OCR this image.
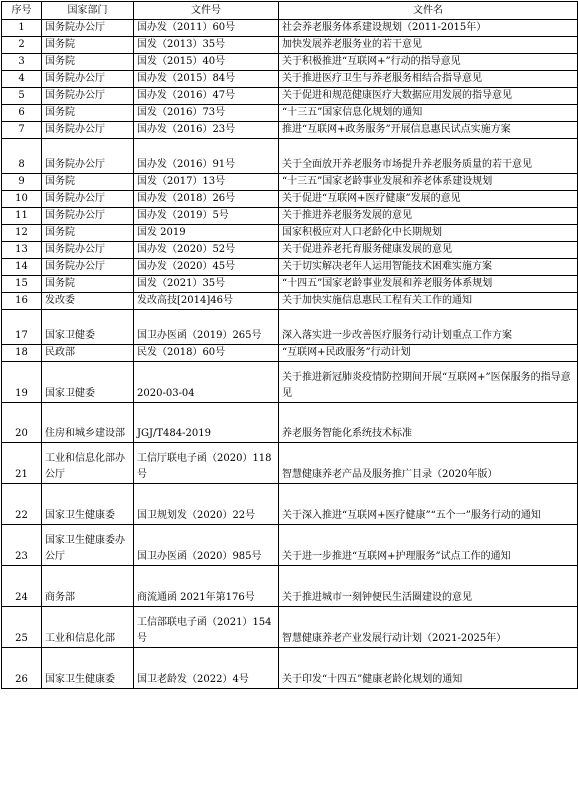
序号	国家部门	文件号	文件名
1	国务院办公厅	国办发（2011）60号	社会养老服务体系建设规划（2011-2015年）
2	国务院	国发（2013）35号	加快发展养老服务业的若干意见
3	国务院	国发（2015）40号	关于积极推进“互联网+”行动的指导意见
4	国务院办公厅	国办发（2015）84号	关于推进医疗卫生与养老服务相结合指导意见
5	国务院办公厅	国办发（2016）47号	关于促进和规范健康医疗大数据应用发展的指导意见
6	国务院	国发（2016）73号	“十三五”国家信息化规划的通知
7	国务院办公厅	国办发（2016）23号	推进“互联网+政务服务”开展信息惠民试点实施方案
8	国务院办公厅	国办发（2016）91号	关于全面放开养老服务市场提升养老服务质量的若干意见
9	国务院	国发（2017）13号	“十三五”国家老龄事业发展和养老体系建设规划
10	国务院办公厅	国办发（2018）26号	关于促进“互联网+医疗健康”发展的意见
11	国务院办公厅	国办发（2019）5号	关于推进养老服务发展的意见
12	国务院	国发 2019	国家积极应对人口老龄化中长期规划
13	国务院办公厅	国办发（2020）52号	关于促进养老托育服务健康发展的意见
14	国务院办公厅	国办发（2020）45号	关于切实解决老年人运用智能技术困难实施方案
15	国务院	国发（2021）35号	“十四五”国家老龄事业发展和养老服务体系规划
16	发改委	发改高技[2014]46号	关于加快实施信息惠民工程有关工作的通知
17	国家卫健委	国卫办医函（2019）265号	深入落实进一步改善医疗服务行动计划重点工作方案
18	民政部	民发（2018）60号	“互联网+民政服务”行动计划
19	国家卫健委	2020-03-04	关于推进新冠肺炎疫情防控期间开展“互联网+”医保服务的指导意见
20	住房和城乡建设部	JGJ/T484-2019	养老服务智能化系统技术标准
21	工业和信息化部办公厅	工信厅联电子函（2020）118号	智慧健康养老产品及服务推广目录（2020年版）
22	国家卫生健康委	国卫规划发（2020）22号	关于深入推进“互联网+医疗健康”“五个一”服务行动的通知
23	国家卫生健康委办公厅	国卫办医函（2020）985号	关于进一步推进“互联网+护理服务”试点工作的通知
24	商务部	商流通函 2021年第176号	关于推进城市一刻钟便民生活圈建设的意见
25	工业和信息化部	工信部联电子函（2021）154号	智慧健康养老产业发展行动计划（2021-2025年）
26	国家卫生健康委	国卫老龄发（2022）4号	关于印发“十四五”健康老龄化规划的通知
